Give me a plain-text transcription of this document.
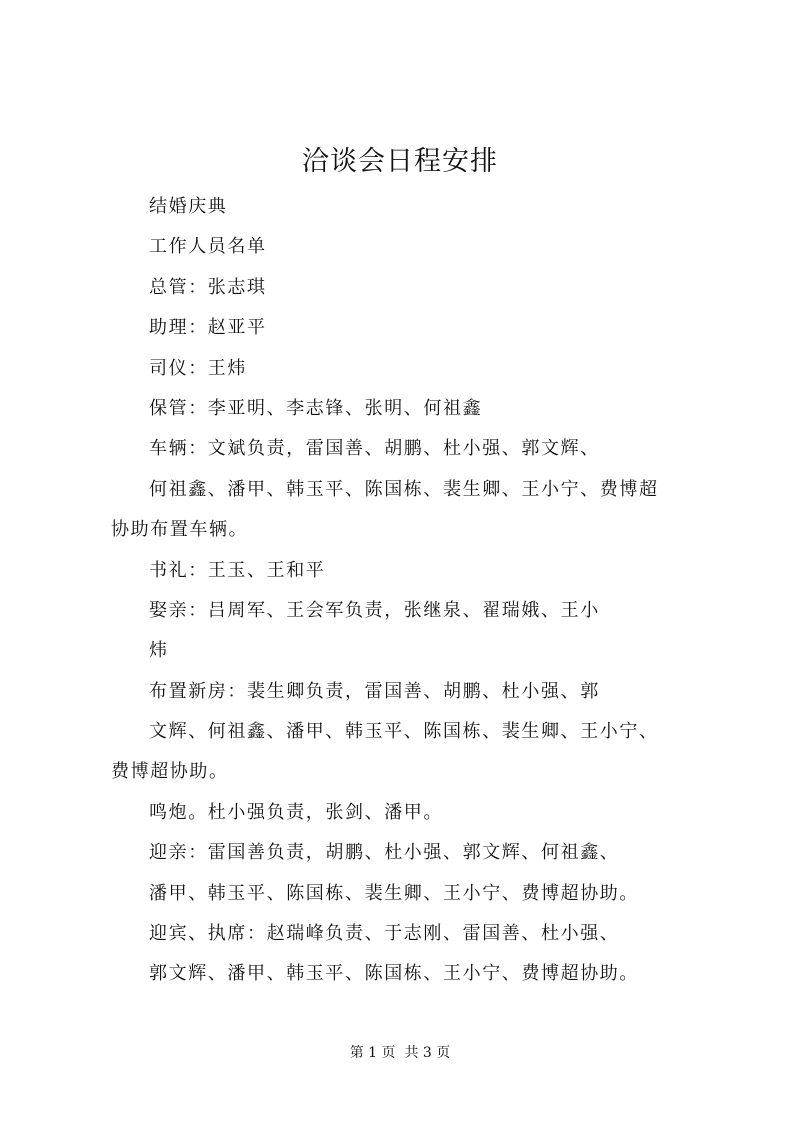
洽谈会日程安排
结婚庆典
工作人员名单
总管：张志琪
助理：赵亚平
司仪：王炜
保管：李亚明、李志锋、张明、何祖鑫
车辆：文斌负责，雷国善、胡鹏、杜小强、郭文辉、
何祖鑫、潘甲、韩玉平、陈国栋、裴生卿、王小宁、费博超
协助布置车辆。
书礼：王玉、王和平
娶亲：吕周军、王会军负责，张继泉、翟瑞娥、王小
炜
布置新房：裴生卿负责，雷国善、胡鹏、杜小强、郭
文辉、何祖鑫、潘甲、韩玉平、陈国栋、裴生卿、王小宁、
费博超协助。
鸣炮。杜小强负责，张剑、潘甲。
迎亲：雷国善负责，胡鹏、杜小强、郭文辉、何祖鑫、
潘甲、韩玉平、陈国栋、裴生卿、王小宁、费博超协助。
迎宾、执席：赵瑞峰负责、于志刚、雷国善、杜小强、
郭文辉、潘甲、韩玉平、陈国栋、王小宁、费博超协助。
第 1 页  共 3 页
